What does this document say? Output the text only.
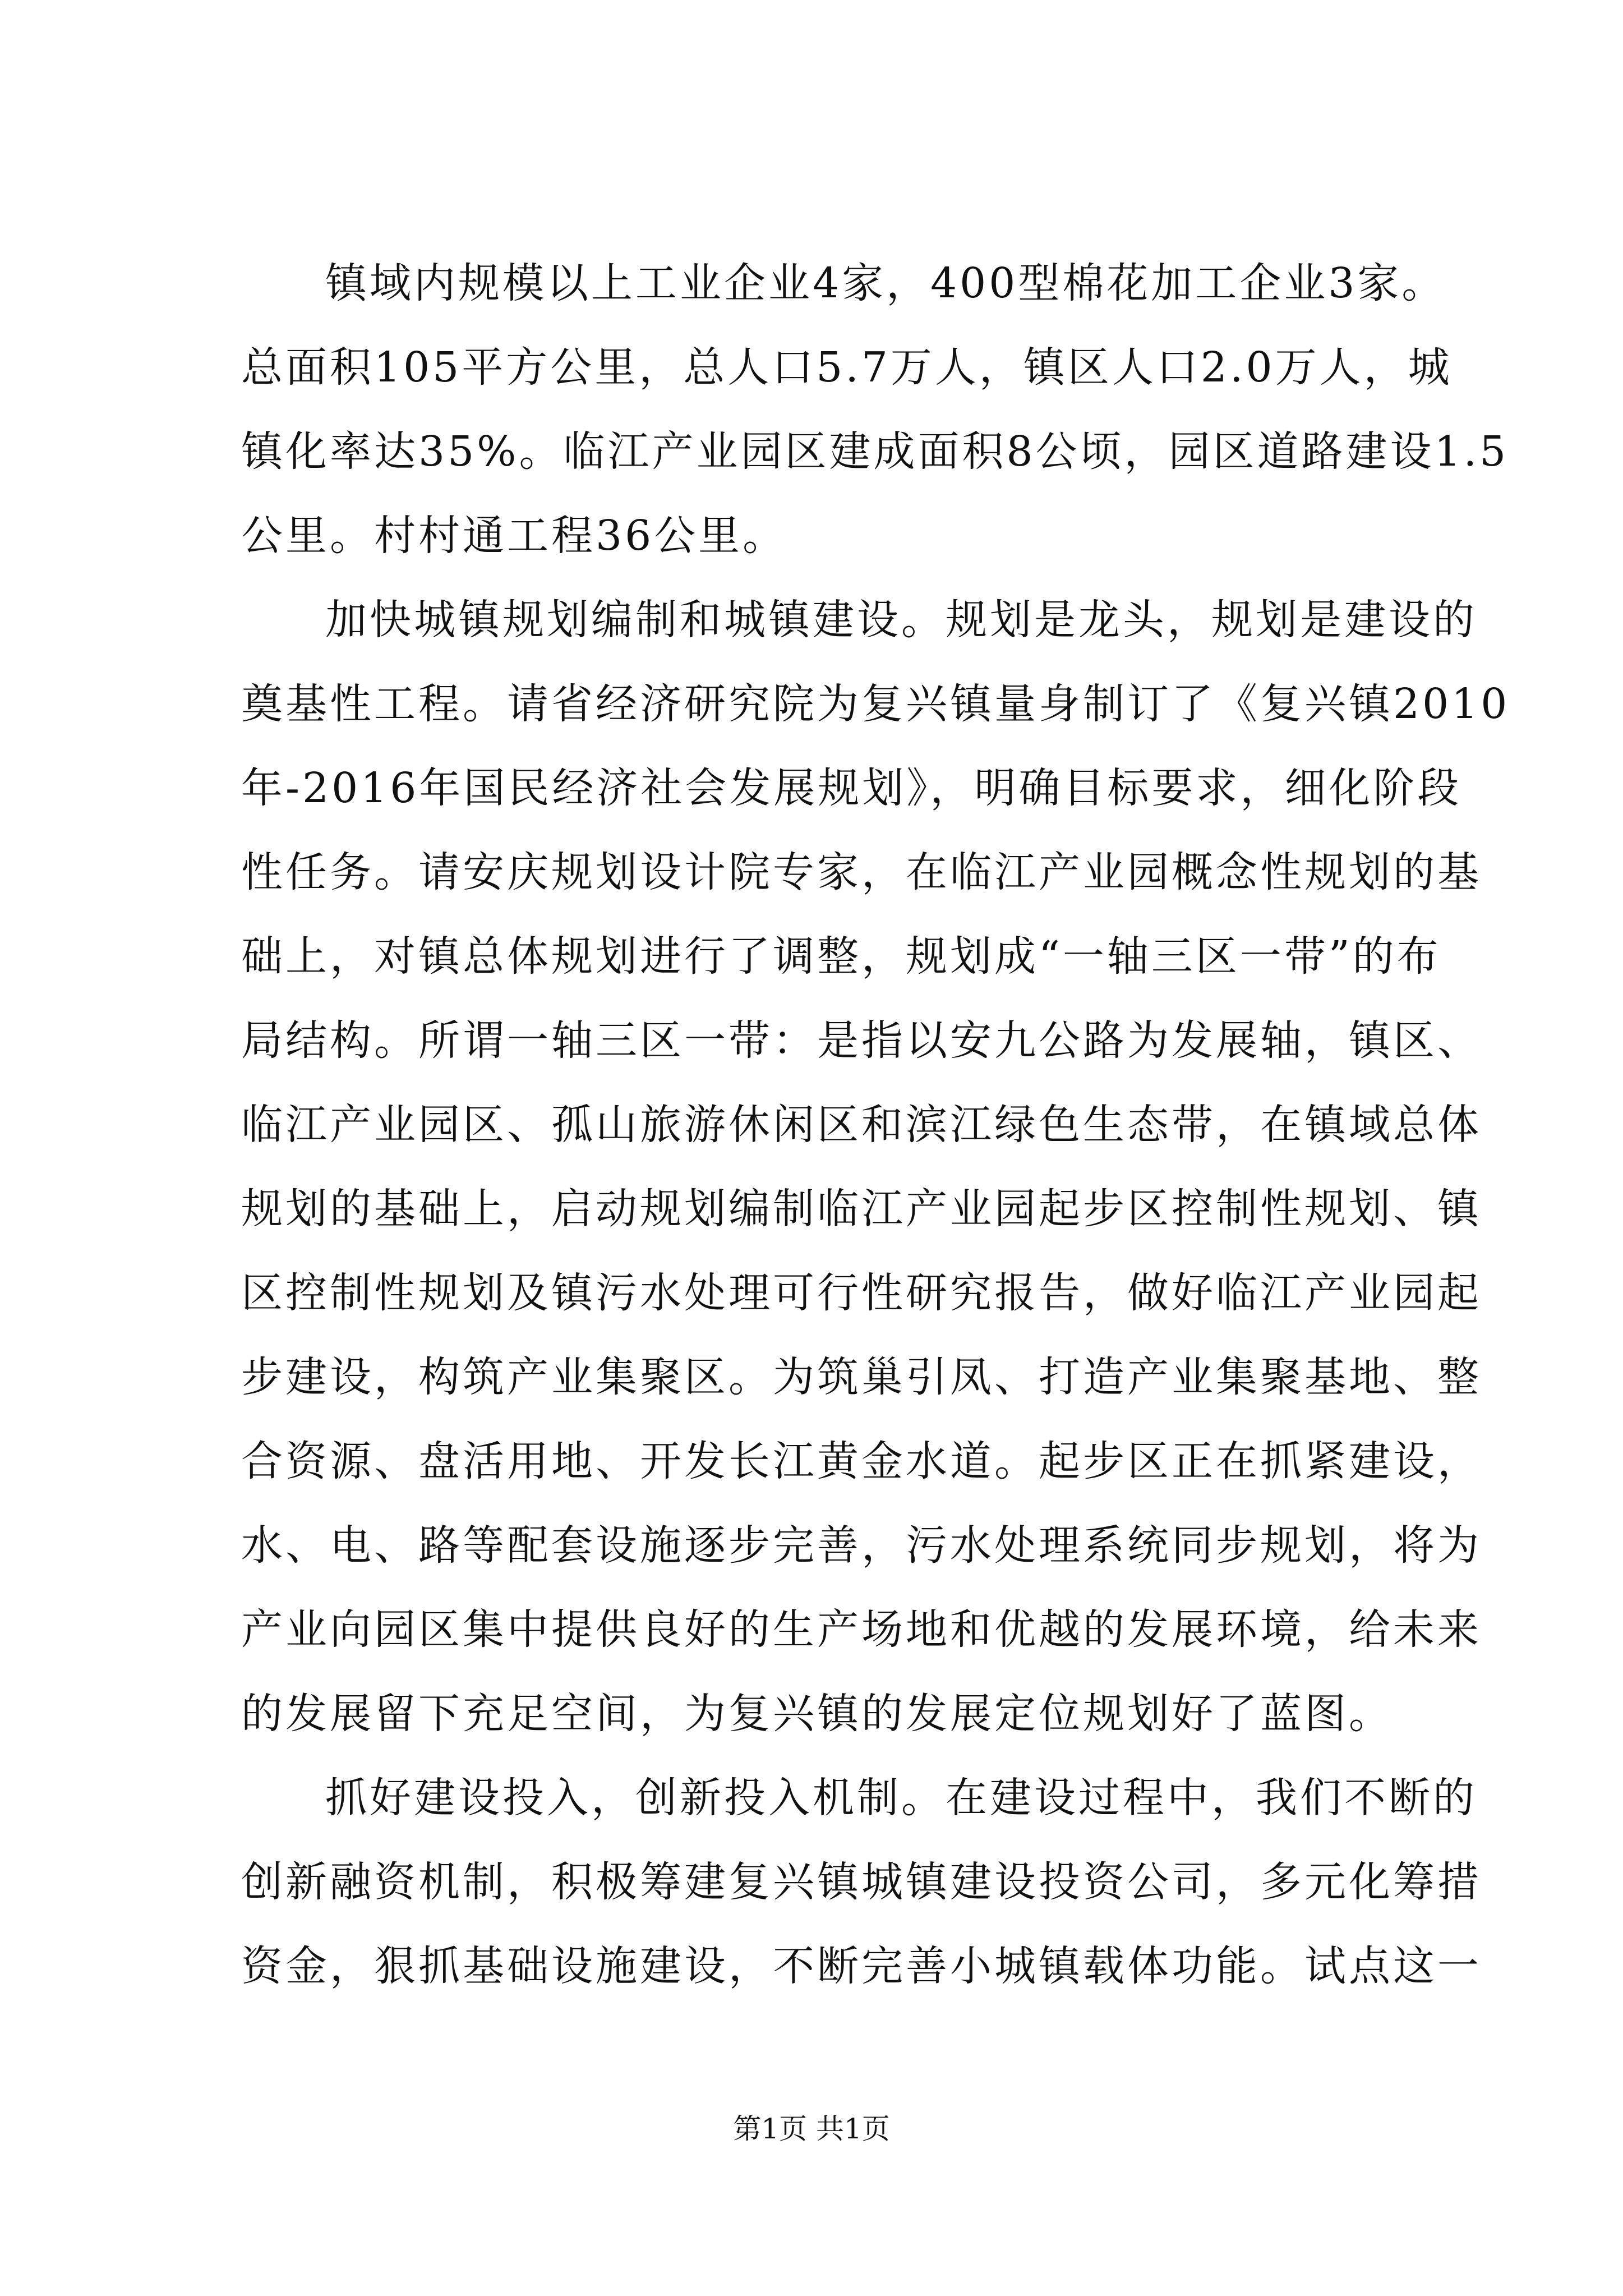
镇域内规模以上工业企业4家，400型棉花加工企业3家。
总面积105平方公里，总人口5.7万人，镇区人口2.0万人，城
镇化率达35%。临江产业园区建成面积8公顷，园区道路建设1.5
公里。村村通工程36公里。

加快城镇规划编制和城镇建设。规划是龙头，规划是建设的
奠基性工程。请省经济研究院为复兴镇量身制订了《复兴镇2010
年-2016年国民经济社会发展规划》，明确目标要求，细化阶段
性任务。请安庆规划设计院专家，在临江产业园概念性规划的基
础上，对镇总体规划进行了调整，规划成“一轴三区一带”的布
局结构。所谓一轴三区一带：是指以安九公路为发展轴，镇区、
临江产业园区、孤山旅游休闲区和滨江绿色生态带，在镇域总体
规划的基础上，启动规划编制临江产业园起步区控制性规划、镇
区控制性规划及镇污水处理可行性研究报告，做好临江产业园起
步建设，构筑产业集聚区。为筑巢引凤、打造产业集聚基地、整
合资源、盘活用地、开发长江黄金水道。起步区正在抓紧建设，
水、电、路等配套设施逐步完善，污水处理系统同步规划，将为
产业向园区集中提供良好的生产场地和优越的发展环境，给未来
的发展留下充足空间，为复兴镇的发展定位规划好了蓝图。

抓好建设投入，创新投入机制。在建设过程中，我们不断的
创新融资机制，积极筹建复兴镇城镇建设投资公司，多元化筹措
资金，狠抓基础设施建设，不断完善小城镇载体功能。试点这一

第1页 共1页
